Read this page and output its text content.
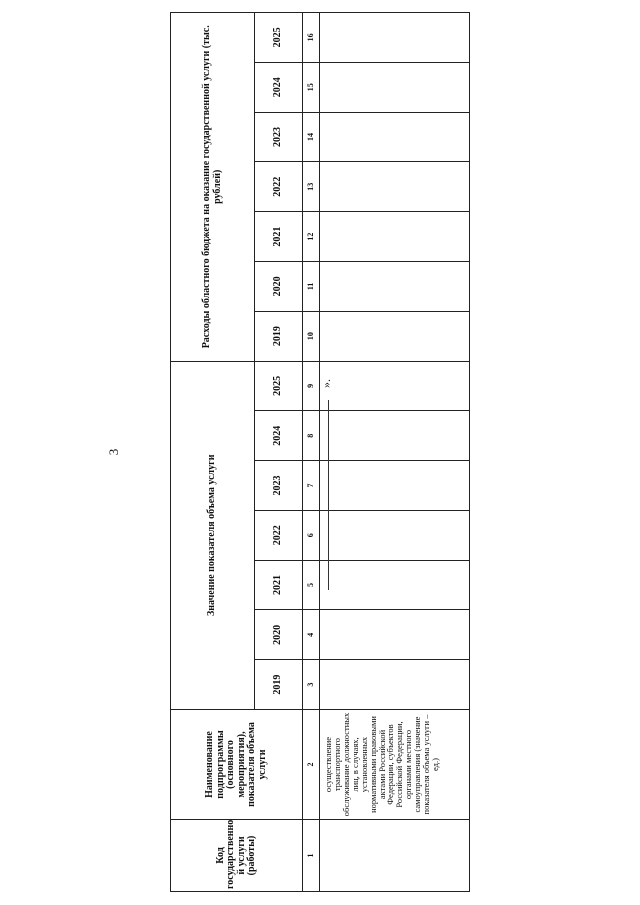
3
Код государственно й услуги (работы)	Наименование подпрограммы (основного мероприятия), показателя объема услуги	Значение показателя объема услуги							Расходы областного бюджета на оказание государственной услуги (тыс. рублей)						
		2019	2020	2021	2022	2023	2024	2025	2019	2020	2021	2022	2023	2024	2025
1	2	3	4	5	6	7	8	9	10	11	12	13	14	15	16
	осуществление транспортного обслуживание должностных лиц, в случаях, установленных нормативными правовыми актами Российской Федерации, субъектов Российской Федерации, органами местного самоуправления (значение показателя объема услуги – ед.)														
».
